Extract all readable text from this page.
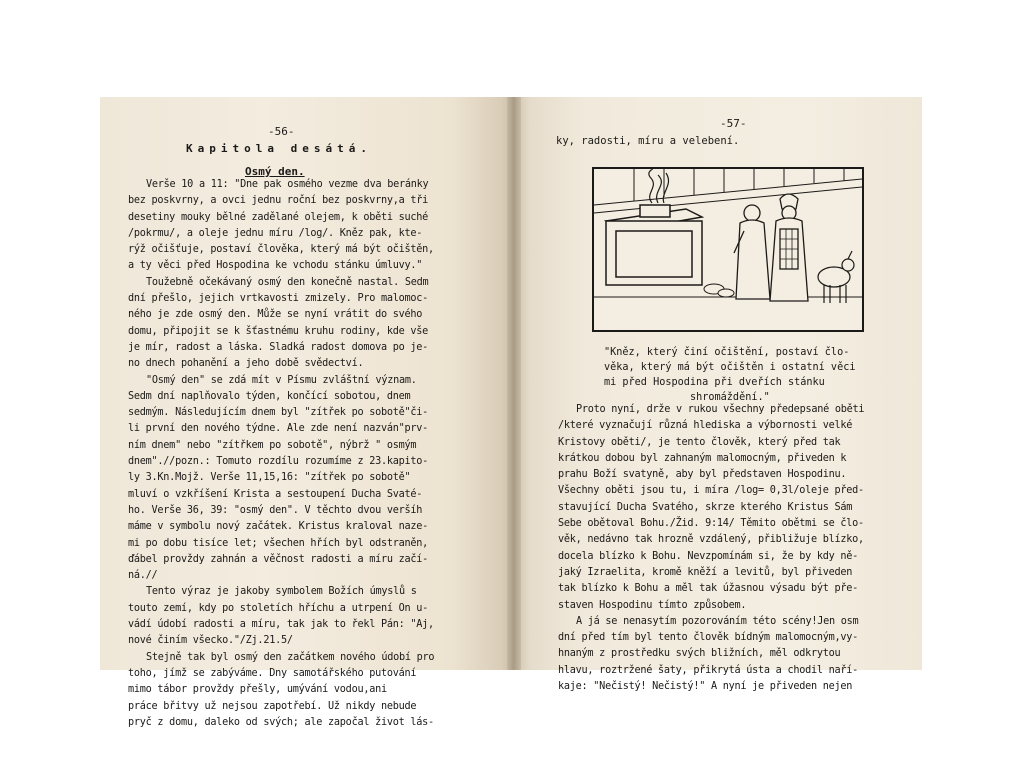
-56-
Kapitola desátá.
Osmý den.

Verše 10 a 11: "Dne pak osmého vezme dva beránky

bez poskvrny, a ovci jednu roční bez poskvrny,a tři

desetiny mouky bělné zadělané olejem, k oběti suché

/pokrmu/, a oleje jednu míru /log/. Kněz pak, kte-

rýž očišťuje, postaví člověka, který má být očištěn,

a ty věci před Hospodina ke vchodu stánku úmluvy."

Toužebně očekávaný osmý den konečně nastal. Sedm

dní přešlo, jejich vrtkavosti zmizely. Pro malomoc-

ného je zde osmý den. Může se nyní vrátit do svého

domu, připojit se k šťastnému kruhu rodiny, kde vše

je mír, radost a láska. Sladká radost domova po je-

no dnech pohanění a jeho době svědectví.

"Osmý den" se zdá mít v Písmu zvláštní význam.

Sedm dní naplňovalo týden, končící sobotou, dnem

sedmým. Následujícím dnem byl "zítřek po sobotě"či-

li první den nového týdne. Ale zde není nazván"prv-

ním dnem" nebo "zítřkem po sobotě", nýbrž " osmým

dnem".//pozn.: Tomuto rozdílu rozumíme z 23.kapito-

ly 3.Kn.Mojž. Verše 11,15,16: "zítřek po sobotě"

mluví o vzkříšení Krista a sestoupení Ducha Svaté-

ho. Verše 36, 39: "osmý den". V těchto dvou veršíh

máme v symbolu nový začátek. Kristus kraloval naze-

mi po dobu tisíce let; všechen hřích byl odstraněn,

ďábel provždy zahnán a věčnost radosti a míru začí-

ná.//

Tento výraz je jakoby symbolem Božích úmyslů s

touto zemí, kdy po stoletích hříchu a utrpení On u-

vádí údobí radosti a míru, tak jak to řekl Pán: "Aj,

nové činím všecko."/Zj.21.5/

Stejně tak byl osmý den začátkem nového údobí pro

toho, jímž se zabýváme. Dny samotářského putování

mimo tábor provždy přešly, umývání vodou,ani

práce břitvy už nejsou zapotřebí. Už nikdy nebude

pryč z domu, daleko od svých; ale započal život lás-

-57-
ky, radosti, míru a velebení.

"Kněz, který činí očištění, postaví člo-

věka, který má být očištěn i ostatní věci

mi před Hospodina při dveřích stánku

shromáždění."

Proto nyní, drže v rukou všechny předepsané oběti

/které vyznačují různá hlediska a výbornosti velké

Kristovy oběti/, je tento člověk, který před tak

krátkou dobou byl zahnaným malomocným, přiveden k

prahu Boží svatyně, aby byl představen Hospodinu.

Všechny oběti jsou tu, i míra /log= 0,3l/oleje před-

stavující Ducha Svatého, skrze kterého Kristus Sám

Sebe obětoval Bohu./Žid. 9:14/ Těmito obětmi se člo-

věk, nedávno tak hrozně vzdálený, přibližuje blízko,

docela blízko k Bohu. Nevzpomínám si, že by kdy ně-

jaký Izraelita, kromě kněží a levitů, byl přiveden

tak blízko k Bohu a měl tak úžasnou výsadu být pře-

staven Hospodinu tímto způsobem.

A já se nenasytím pozorováním této scény!Jen osm

dní před tím byl tento člověk bídným malomocným,vy-

hnaným z prostředku svých bližních, měl odkrytou

hlavu, roztržené šaty, přikrytá ústa a chodil naří-

kaje: "Nečistý! Nečistý!" A nyní je přiveden nejen
